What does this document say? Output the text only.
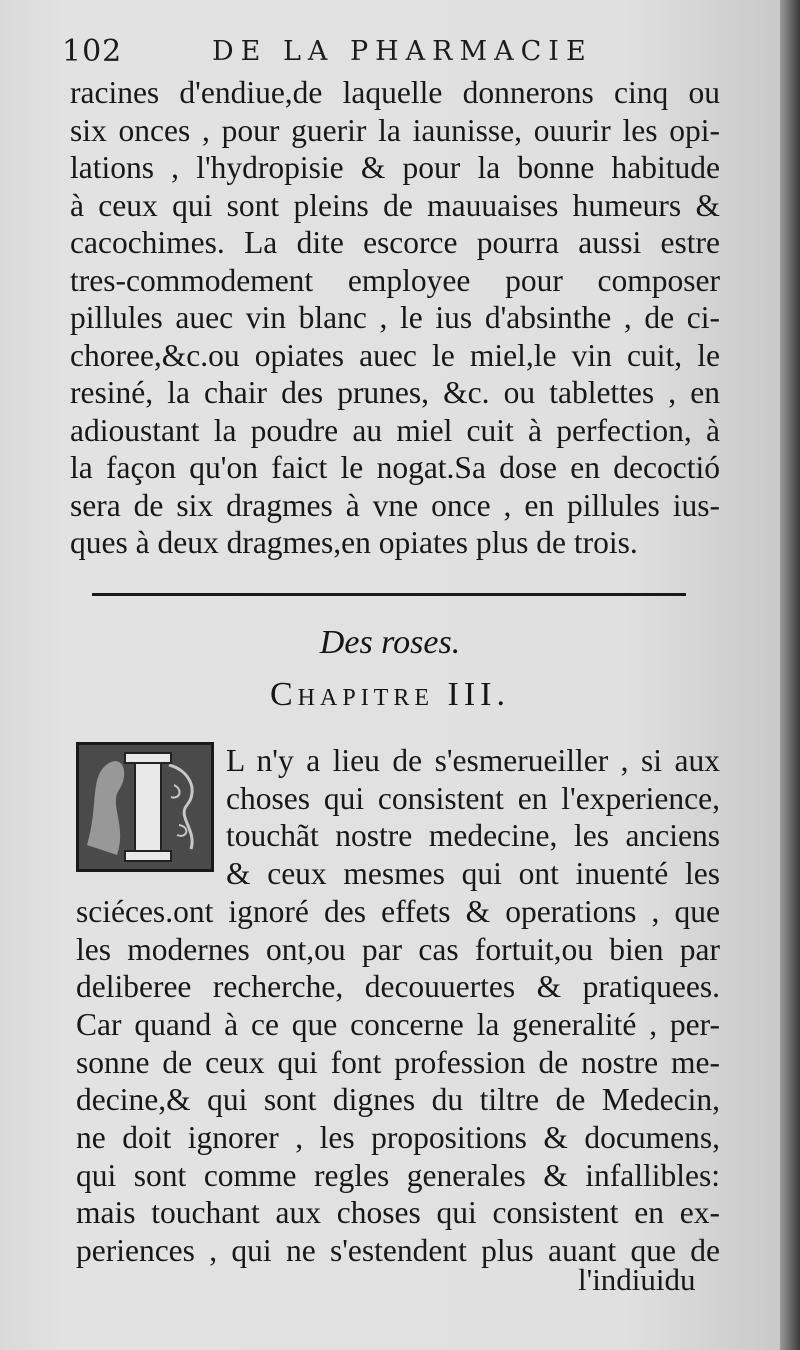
102	DE LA PHARMACIE
racines d'endiue,de laquelle donnerons cinq ou
six onces , pour guerir la iaunisse, ouurir les opi-
lations , l'hydropisie & pour la bonne habitude
à ceux qui sont pleins de mauuaises humeurs &
cacochimes. La dite escorce pourra aussi estre
tres-commodement employee pour composer
pillules auec vin blanc , le ius d'absinthe , de ci-
choree,&c.ou opiates auec le miel,le vin cuit, le
resiné, la chair des prunes, &c. ou tablettes , en
adioustant la poudre au miel cuit à perfection, à
la façon qu'on faict le nogat.Sa dose en decoctió
sera de six dragmes à vne once , en pillules ius-
ques à deux dragmes,en opiates plus de trois.
Des roses.
Chapitre III.
L n'y a lieu de s'esmerueiller , si aux
choses qui consistent en l'experience,
touchãt nostre medecine, les anciens
& ceux mesmes qui ont inuenté les
sciéces.ont ignoré des effets & operations , que
les modernes ont,ou par cas fortuit,ou bien par
deliberee recherche, decouuertes & pratiquees.
Car quand à ce que concerne la generalité , per-
sonne de ceux qui font profession de nostre me-
decine,& qui sont dignes du tiltre de Medecin,
ne doit ignorer , les propositions & documens,
qui sont comme regles generales & infallibles:
mais touchant aux choses qui consistent en ex-
periences , qui ne s'estendent plus auant que de
l'indiuidu
